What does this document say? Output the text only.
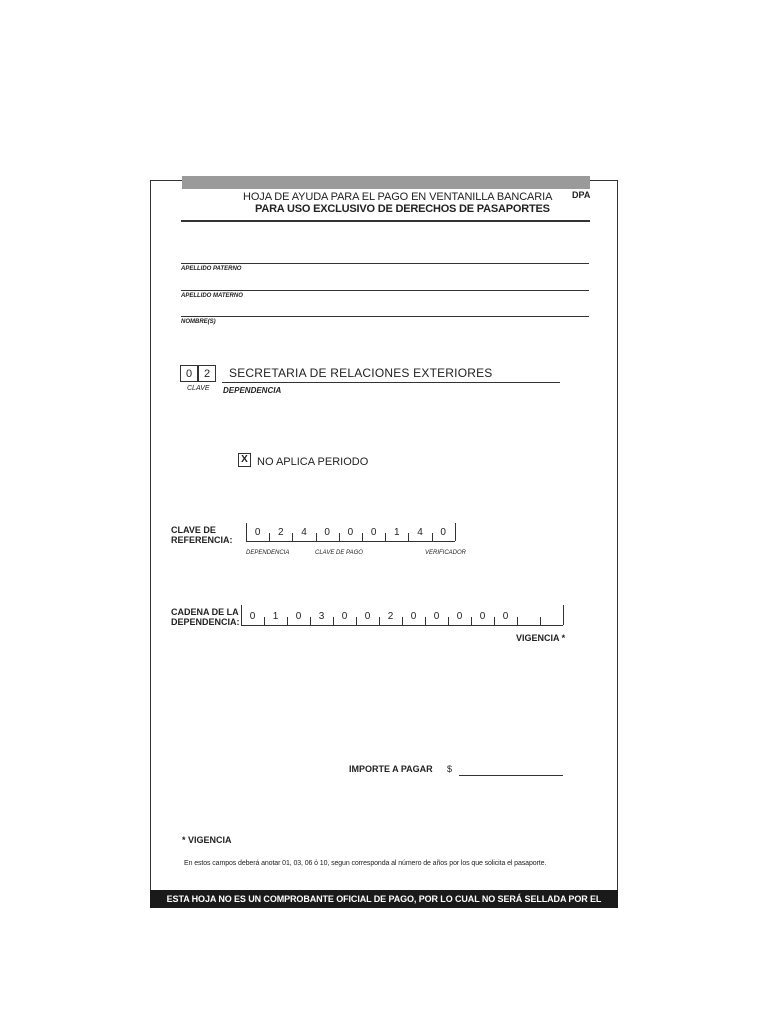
HOJA DE AYUDA PARA EL PAGO EN VENTANILLA BANCARIA
PARA USO EXCLUSIVO DE DERECHOS DE PASAPORTES
DPA
APELLIDO PATERNO
APELLIDO MATERNO
NOMBRE(S)
0	2	SECRETARIA DE RELACIONES EXTERIORES
CLAVE DEPENDENCIA
X NO APLICA PERIODO
CLAVE DE
REFERENCIA:
DEPENDENCIA	CLAVE DE PAGO	VERIFICADOR
CADENA DE LA
DEPENDENCIA:
VIGENCIA *
IMPORTE A PAGAR $
* VIGENCIA
En estos campos deberá anotar 01, 03, 06 ó 10, segun corresponda al número de años por los que solicita el pasaporte.
ESTA HOJA NO ES UN COMPROBANTE OFICIAL DE PAGO, POR LO CUAL NO SERÁ SELLADA POR EL CAJERO
0	2	4	0	0	0	1	4	0
0	1	0	3	0	0	2	0	0	0	0	0
